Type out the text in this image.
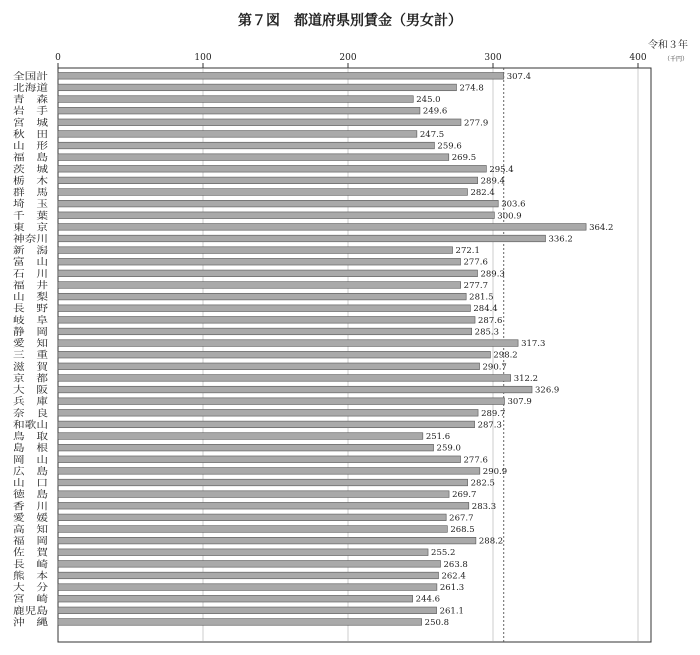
第７図　都道府県別賃金（男女計）
令和３年
（千円）
0	100	200	300	400
全国計	307.4
北海道	274.8
青　森	245.0
岩　手	249.6
宮　城	277.9
秋　田	247.5
山　形	259.6
福　島	269.5
茨　城	295.4
栃　木	289.4
群　馬	282.4
埼　玉	303.6
千　葉	300.9
東　京	364.2
神奈川	336.2
新　潟	272.1
富　山	277.6
石　川	289.3
福　井	277.7
山　梨	281.5
長　野	284.4
岐　阜	287.6
静　岡	285.3
愛　知	317.3
三　重	298.2
滋　賀	290.7
京　都	312.2
大　阪	326.9
兵　庫	307.9
奈　良	289.7
和歌山	287.3
鳥　取	251.6
島　根	259.0
岡　山	277.6
広　島	290.9
山　口	282.5
徳　島	269.7
香　川	283.3
愛　媛	267.7
高　知	268.5
福　岡	288.2
佐　賀	255.2
長　崎	263.8
熊　本	262.4
大　分	261.3
宮　崎	244.6
鹿児島	261.1
沖　縄	250.8
